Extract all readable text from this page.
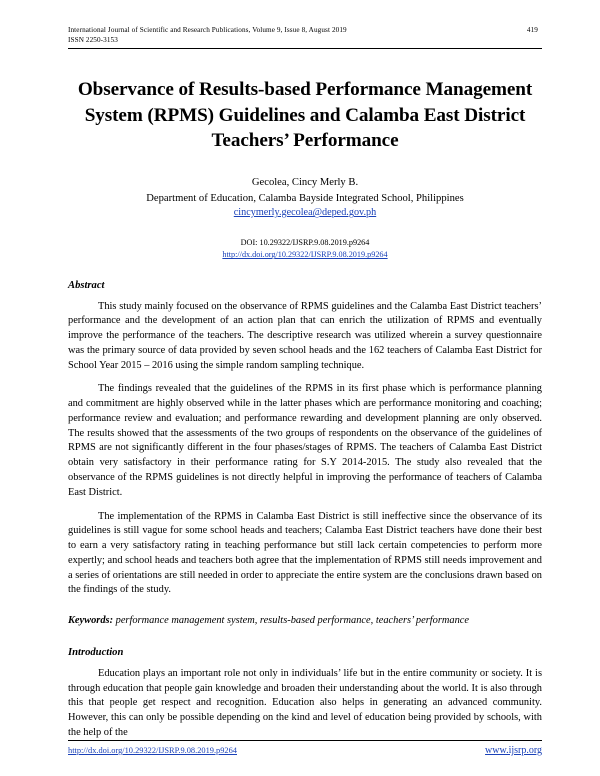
International Journal of Scientific and Research Publications, Volume 9, Issue 8, August 2019
ISSN 2250-3153
419
Observance of Results-based Performance Management System (RPMS) Guidelines and Calamba East District Teachers’ Performance
Gecolea, Cincy Merly B.
Department of Education, Calamba Bayside Integrated School, Philippines
cincymerly.gecolea@deped.gov.ph
DOI: 10.29322/IJSRP.9.08.2019.p9264
http://dx.doi.org/10.29322/IJSRP.9.08.2019.p9264
Abstract

This study mainly focused on the observance of RPMS guidelines and the Calamba East District teachers’ performance and the development of an action plan that can enrich the utilization of RPMS and eventually improve the performance of the teachers. The descriptive research was utilized wherein a survey questionnaire was the primary source of data provided by seven school heads and the 162 teachers of Calamba East District for School Year 2015 – 2016 using the simple random sampling technique.

The findings revealed that the guidelines of the RPMS in its first phase which is performance planning and commitment are highly observed while in the latter phases which are performance monitoring and coaching; performance review and evaluation; and performance rewarding and development planning are only observed. The results showed that the assessments of the two groups of respondents on the observance of the guidelines of RPMS are not significantly different in the four phases/stages of RPMS. The teachers of Calamba East District obtain very satisfactory in their performance rating for S.Y 2014-2015. The study also revealed that the observance of the RPMS guidelines is not directly helpful in improving the performance of teachers of Calamba East District.

The implementation of the RPMS in Calamba East District is still ineffective since the observance of its guidelines is still vague for some school heads and teachers; Calamba East District teachers have done their best to earn a very satisfactory rating in teaching performance but still lack certain competencies to perform more expertly; and school heads and teachers both agree that the implementation of RPMS still needs improvement and a series of orientations are still needed in order to appreciate the entire system are the conclusions drawn based on the findings of the study.

Keywords: performance management system, results-based performance, teachers’ performance

Introduction

Education plays an important role not only in individuals’ life but in the entire community or society. It is through education that people gain knowledge and broaden their understanding about the world. It is also through this that people get respect and recognition. Education also helps in generating an advanced community. However, this can only be possible depending on the kind and level of education being provided by schools, with the help of the

http://dx.doi.org/10.29322/IJSRP.9.08.2019.p9264	www.ijsrp.org
